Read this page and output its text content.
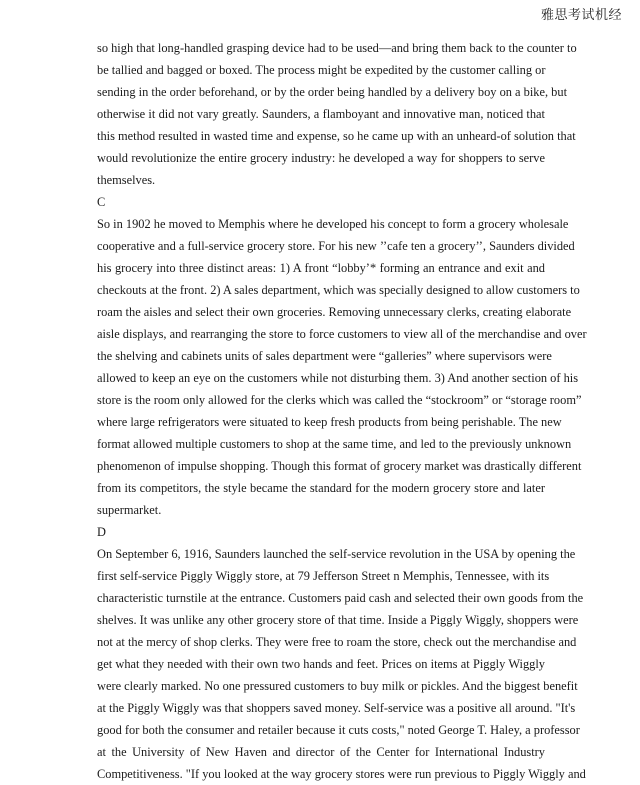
雅思考试机经
so high that long-handled grasping device had to be used—and bring them back to the counter to
be tallied and bagged or boxed. The process might be expedited by the customer calling or
sending in the order beforehand, or by the order being handled by a delivery boy on a bike, but
otherwise it did not vary greatly. Saunders, a flamboyant and innovative man, noticed that
this method resulted in wasted time and expense, so he came up with an unheard-of solution that
would revolutionize the entire grocery industry: he developed a way for shoppers to serve
themselves.
C
So in 1902 he moved to Memphis where he developed his concept to form a grocery wholesale
cooperative and a full-service grocery store. For his new ’’cafe ten a grocery’’, Saunders divided
his grocery into three distinct areas: 1) A front “lobby’* forming an entrance and exit and
checkouts at the front. 2) A sales department, which was specially designed to allow customers to
roam the aisles and select their own groceries. Removing unnecessary clerks, creating elaborate
aisle displays, and rearranging the store to force customers to view all of the merchandise and over
the shelving and cabinets units of sales department were “galleries” where supervisors were
allowed to keep an eye on the customers while not disturbing them. 3) And another section of his
store is the room only allowed for the clerks which was called the “stockroom” or “storage room”
where large refrigerators were situated to keep fresh products from being perishable. The new
format allowed multiple customers to shop at the same time, and led to the previously unknown
phenomenon of impulse shopping. Though this format of grocery market was drastically different
from its competitors, the style became the standard for the modern grocery store and later
supermarket.
D
On September 6, 1916, Saunders launched the self-service revolution in the USA by opening the
first self-service Piggly Wiggly store, at 79 Jefferson Street n Memphis, Tennessee, with its
characteristic turnstile at the entrance. Customers paid cash and selected their own goods from the
shelves. It was unlike any other grocery store of that time. Inside a Piggly Wiggly, shoppers were
not at the mercy of shop clerks. They were free to roam the store, check out the merchandise and
get what they needed with their own two hands and feet. Prices on items at Piggly Wiggly
were clearly marked. No one pressured customers to buy milk or pickles. And the biggest benefit
at the Piggly Wiggly was that shoppers saved money. Self-service was a positive all around. "It's
good for both the consumer and retailer because it cuts costs," noted George T. Haley, a professor
at the University of New Haven and director of the Center for International Industry
Competitiveness. "If you looked at the way grocery stores were run previous to Piggly Wiggly and
